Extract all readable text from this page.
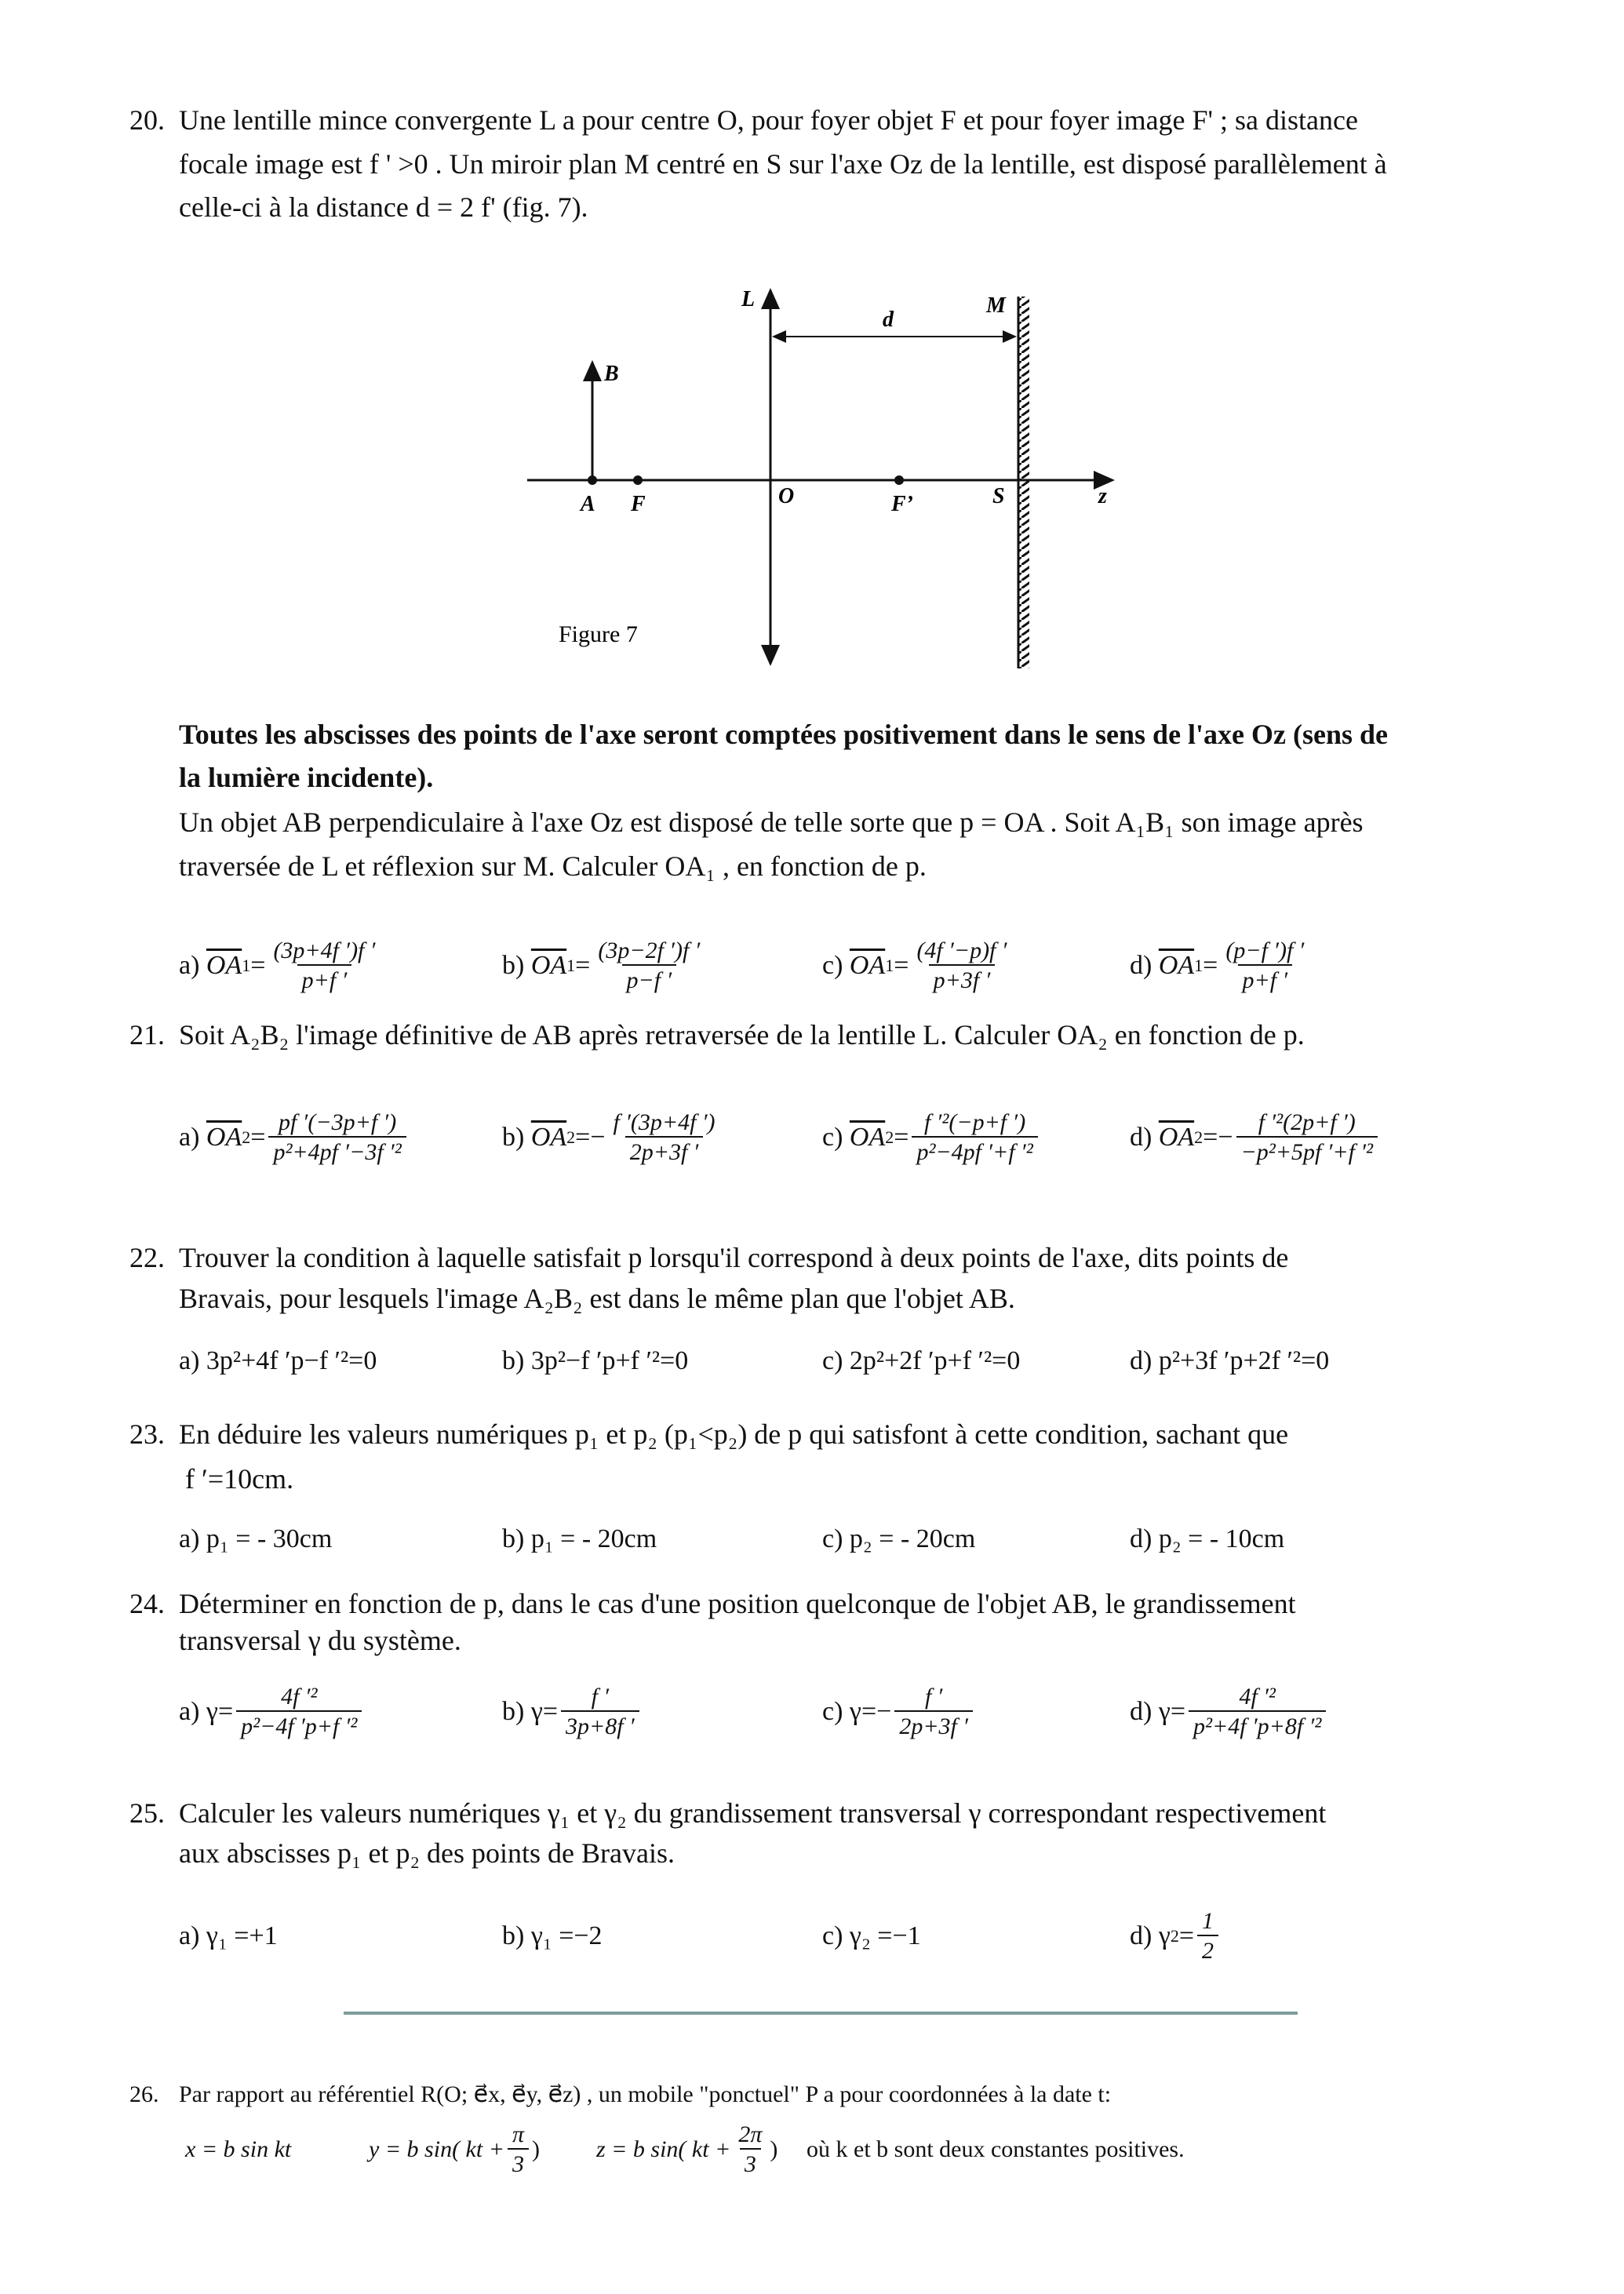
20. Une lentille mince convergente L a pour centre O, pour foyer objet F et pour foyer image F' ; sa distance
focale image est f ' >0 . Un miroir plan M centré en S sur l'axe Oz de la lentille, est disposé parallèlement à
celle-ci à la distance d = 2 f' (fig. 7).
L	M
d
B
A F	O	F’	S	z
Figure 7
Toutes les abscisses des points de l'axe seront comptées positivement dans le sens de l'axe Oz (sens de
la lumière incidente).
Un objet AB perpendiculaire à l'axe Oz est disposé de telle sorte que p = OA . Soit A₁B₁ son image après
traversée de L et réflexion sur M. Calculer OA₁ , en fonction de p.
21. Soit A₂B₂ l'image définitive de AB après retraversée de la lentille L. Calculer OA₂ en fonction de p.
22. Trouver la condition à laquelle satisfait p lorsqu'il correspond à deux points de l'axe, dits points de
Bravais, pour lesquels l'image A₂B₂ est dans le même plan que l'objet AB.
23. En déduire les valeurs numériques p₁ et p₂ (p₁<p₂) de p qui satisfont à cette condition, sachant que
f ′=10cm.
24. Déterminer en fonction de p, dans le cas d'une position quelconque de l'objet AB, le grandissement
transversal γ du système.
25. Calculer les valeurs numériques γ₁ et γ₂ du grandissement transversal γ correspondant respectivement
aux abscisses p₁ et p₂ des points de Bravais.
26. Par rapport au référentiel R(O; e⃗x, e⃗y, e⃗z) , un mobile "ponctuel" P a pour coordonnées à la date t:
x = b sin kt	y = b sin( kt + $\frac{\pi}{3}$ ) z = b sin( kt + $\frac{2\pi}{3}$ ) où k et b sont deux constantes positives.
a)
$\overline{OA}$ $1 = \frac{(3p+4f ')f '}{p+f '}$	b)
$\overline{OA}$ $1 = \frac{(3p-2f ')f '}{p-f '}$	c)
$\overline{OA}$ $1 = \frac{(4f '-p)f '}{p+3f '}$	d)
$\overline{OA}$ $1 = \frac{(p-f ')f '}{p+f '}$
a)
$\overline{OA}$ $2 = \frac{pf '(-3p+f ')}{\text{p²+4pf ′−3f ′²}}$	b)
$\overline{OA}$ $2 =- \frac{f '(3p+4f ')}{2p+3f '}$	c)
$\overline{OA}$ $2 = \frac{\text{f ′²(−p+f ′)}}{\text{p²−4pf ′+f ′²}}$	d)
$\overline{OA}$ $2 =- \frac{\text{f ′²(2p+f ′)}}{\text{−p²+5pf ′+f ′²}}$
a)
3p²+4f ′p−f ′²=0	b)
3p²−f ′p+f ′²=0	c)
2p²+2f ′p+f ′²=0	d)
p²+3f ′p+2f ′²=0
a)
p₁ = - 30cm	b)
p₁ = - 20cm	c)
p₂ = - 20cm	d)
p₂ = - 10cm
a)
$\gamma = \frac{\text{4f ′²}}{\text{p²−4f ′p+f ′²}}$	b)
$\gamma = \frac{f '}{3p+8f '}$	c)
$\gamma =- \frac{f '}{2p+3f '}$	d)
$\gamma = \frac{\text{4f ′²}}{\text{p²+4f ′p+8f ′²}}$
a)
γ₁ =+1	b)
γ₁ =−2	c)
γ₂ =−1	d)
γ $2 = \frac{1}{2}$
